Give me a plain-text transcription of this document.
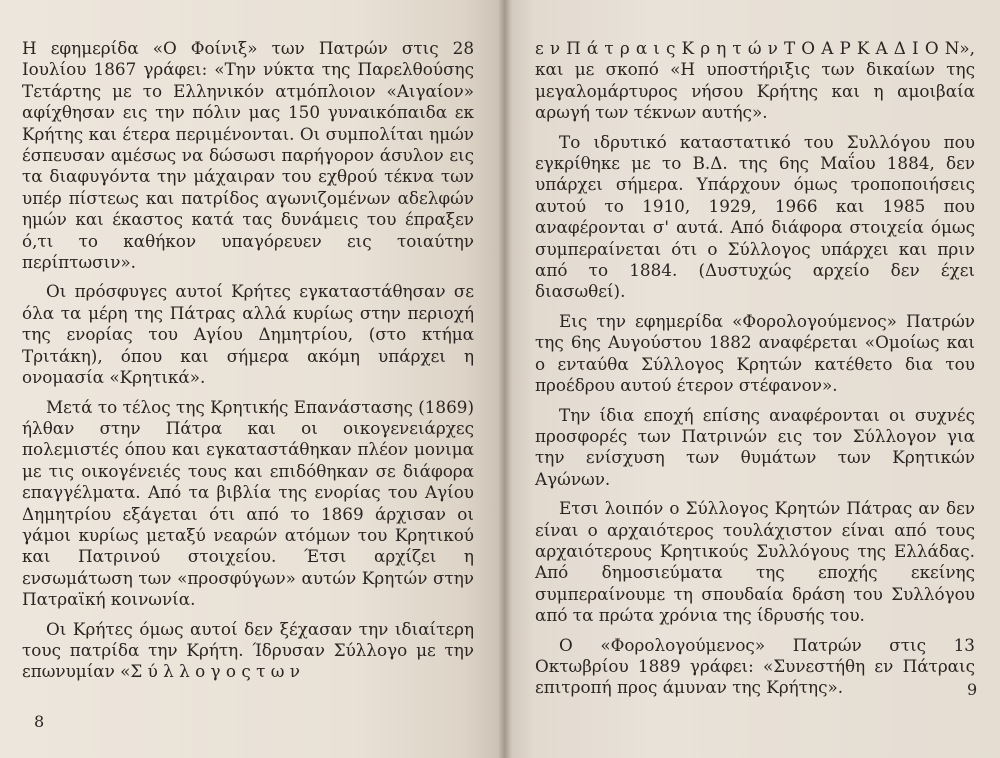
Η εφημερίδα «Ο Φοίνιξ» των Πατρών στις 28 Ιουλίου 1867 γράφει: «Την νύκτα της Παρελθούσης Τετάρτης με το Ελληνικόν ατμόπλοιον «Αιγαίον» αφίχθησαν εις την πόλιν μας 150 γυναικόπαιδα εκ Κρήτης και έτερα περιμένονται. Οι συμπολίται ημών έσπευσαν αμέσως να δώσωσι παρήγορον άσυλον εις τα διαφυγόντα την μάχαιραν του εχθρού τέκνα των υπέρ πίστεως και πατρίδος αγωνιζομένων αδελφών ημών και έκαστος κατά τας δυνάμεις του έπραξεν ό,τι το καθήκον υπαγόρευεν εις τοιαύτην περίπτωσιν».

Οι πρόσφυγες αυτοί Κρήτες εγκαταστάθησαν σε όλα τα μέρη της Πάτρας αλλά κυρίως στην περιοχή της ενορίας του Αγίου Δημητρίου, (στο κτήμα Τριτάκη), όπου και σήμερα ακόμη υπάρχει η ονομασία «Κρητικά».

Μετά το τέλος της Κρητικής Επανάστασης (1869) ήλθαν στην Πάτρα και οι οικογενειάρχες πολεμιστές όπου και εγκαταστάθηκαν πλέον μονιμα με τις οικογένειές τους και επιδόθηκαν σε διάφορα επαγγέλματα. Από τα βιβλία της ενορίας του Αγίου Δημητρίου εξάγεται ότι από το 1869 άρχισαν οι γάμοι κυρίως μεταξύ νεαρών ατόμων του Κρητικού και Πατρινού στοιχείου. Έτσι αρχίζει η ενσωμάτωση των «προσφύγων» αυτών Κρητών στην Πατραϊκή κοινωνία.

Οι Κρήτες όμως αυτοί δεν ξέχασαν την ιδιαίτερη τους πατρίδα την Κρήτη. Ίδρυσαν Σύλλογο με την επωνυμίαν «Σ ύ λ λ ο γ ο ς τ ω ν

8

ε ν Π ά τ ρ α ι ς Κ ρ η τ ώ ν Τ Ο Α Ρ Κ Α Δ Ι Ο Ν», και με σκοπό «Η υποστήριξις των δικαίων της μεγαλομάρτυρος νήσου Κρήτης και η αμοιβαία αρωγή των τέκνων αυτής».

Το ιδρυτικό καταστατικό του Συλλόγου που εγκρίθηκε με το Β.Δ. της 6ης Μαΐου 1884, δεν υπάρχει σήμερα. Υπάρχουν όμως τροποποιήσεις αυτού το 1910, 1929, 1966 και 1985 που αναφέρονται σ' αυτά. Από διάφορα στοιχεία όμως συμπεραίνεται ότι ο Σύλλογος υπάρχει και πριν από το 1884. (Δυστυχώς αρχείο δεν έχει διασωθεί).

Εις την εφημερίδα «Φορολογούμενος» Πατρών της 6ης Αυγούστου 1882 αναφέρεται «Ομοίως και ο ενταύθα Σύλλογος Κρητών κατέθετο δια του προέδρου αυτού έτερον στέφανον».

Την ίδια εποχή επίσης αναφέρονται οι συχνές προσφορές των Πατρινών εις τον Σύλλογον για την ενίσχυση των θυμάτων των Κρητικών Αγώνων.

Ετσι λοιπόν ο Σύλλογος Κρητών Πάτρας αν δεν είναι ο αρχαιότερος τουλάχιστον είναι από τους αρχαιότερους Κρητικούς Συλλόγους της Ελλάδας. Από δημοσιεύματα της εποχής εκείνης συμπεραίνουμε τη σπουδαία δράση του Συλλόγου από τα πρώτα χρόνια της ίδρυσής του.

Ο «Φορολογούμενος» Πατρών στις 13 Οκτωβρίου 1889 γράφει: «Συνεστήθη εν Πάτραις επιτροπή προς άμυναν της Κρήτης».	9
